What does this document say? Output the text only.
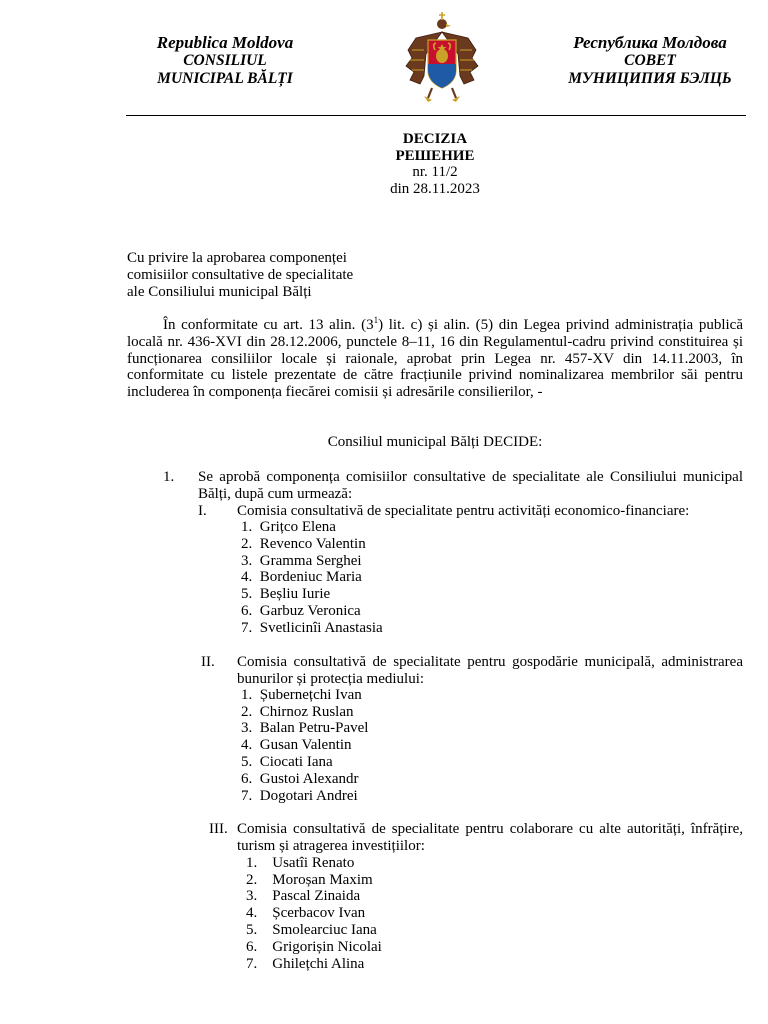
Republica Moldova
CONSILIUL
MUNICIPAL BĂLȚI
Республика Молдова
СОВЕТ
МУНИЦИПИЯ БЭЛЦЬ
DECIZIA
РЕШЕНИЕ
nr. 11/2
din 28.11.2023
Cu privire la aprobarea componenței
comisiilor consultative de specialitate
ale Consiliului municipal Bălți
În conformitate cu art. 13 alin. $(3^1)$ lit. c) și alin. (5) din Legea privind administrația publică locală nr. 436-XVI din 28.12.2006, punctele 8–11, 16 din Regulamentul-cadru privind constituirea și funcționarea consiliilor locale și raionale, aprobat prin Legea nr. 457-XV din 14.11.2003, în conformitate cu listele prezentate de către fracțiunile privind nominalizarea membrilor săi pentru includerea în componența fiecărei comisii și adresările consilierilor, -
Consiliul municipal Bălți DECIDE:
1. Se aprobă componența comisiilor consultative de specialitate ale Consiliului municipal Bălți, după cum urmează:
I. Comisia consultativă de specialitate pentru activități economico-financiare:
1.  Grițco Elena
2.  Revenco Valentin
3.  Gramma Serghei
4.  Bordeniuc Maria
5.  Beșliu Iurie
6.  Garbuz Veronica
7.  Svetlicinîi Anastasia
II. Comisia consultativă de specialitate pentru gospodărie municipală, administrarea bunurilor și protecția mediului:
1.  Șubernețchi Ivan
2.  Chirnoz Ruslan
3.  Balan Petru-Pavel
4.  Gusan Valentin
5.  Ciocati Iana
6.  Gustoi Alexandr
7.  Dogotari Andrei
III. Comisia consultativă de specialitate pentru colaborare cu alte autorități, înfrățire, turism și atragerea investițiilor:
1.    Usatîi Renato
2.    Moroșan Maxim
3.    Pascal Zinaida
4.    Șcerbacov Ivan
5.    Smolearciuc Iana
6.    Grigorișin Nicolai
7.    Ghilețchi Alina
